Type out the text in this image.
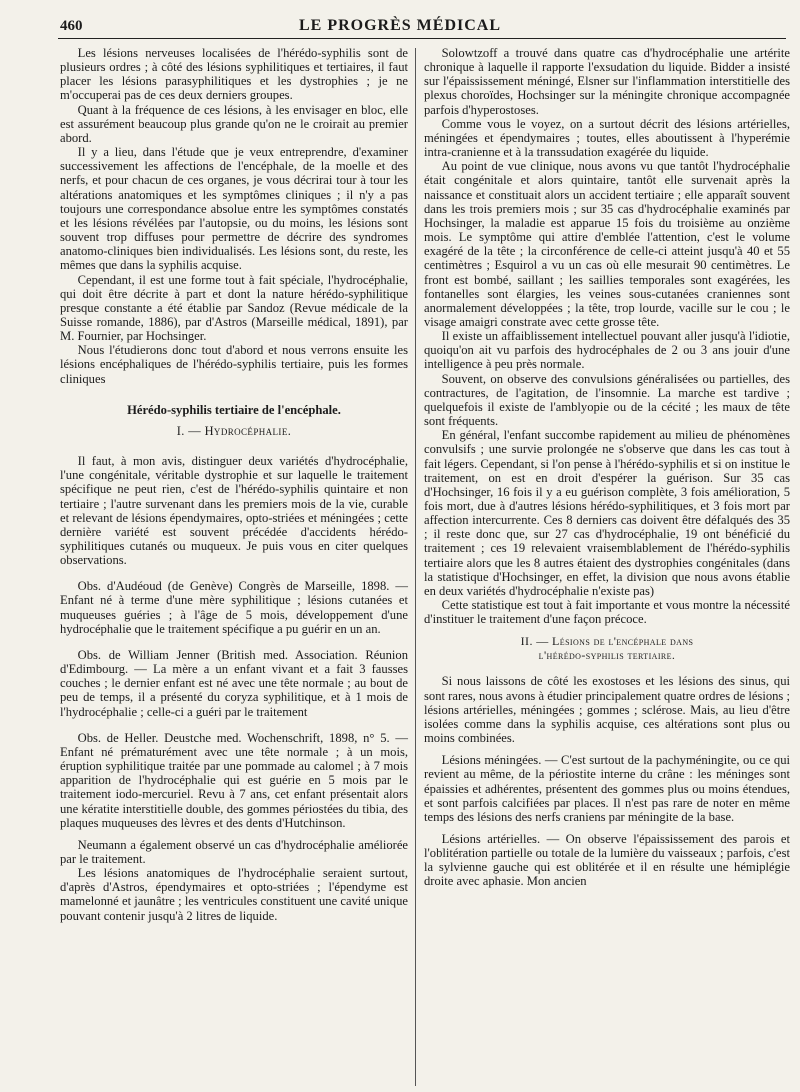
460	LE PROGRÈS MÉDICAL

Les lésions nerveuses localisées de l'hérédo-syphilis sont de plusieurs ordres ; à côté des lésions syphilitiques et tertiaires, il faut placer les lésions parasyphilitiques et les dystrophies ; je ne m'occuperai pas de ces deux derniers groupes.

Quant à la fréquence de ces lésions, à les envisager en bloc, elle est assurément beaucoup plus grande qu'on ne le croirait au premier abord.

Il y a lieu, dans l'étude que je veux entreprendre, d'examiner successivement les affections de l'encéphale, de la moelle et des nerfs, et pour chacun de ces organes, je vous décrirai tour à tour les altérations anatomiques et les symptômes cliniques ; il n'y a pas toujours une correspondance absolue entre les symptômes constatés et les lésions révélées par l'autopsie, ou du moins, les lésions sont souvent trop diffuses pour permettre de décrire des syndromes anatomo-cliniques bien individualisés. Les lésions sont, du reste, les mêmes que dans la syphilis acquise.

Cependant, il est une forme tout à fait spéciale, l'hydrocéphalie, qui doit être décrite à part et dont la nature hérédo-syphilitique presque constante a été établie par Sandoz (Revue médicale de la Suisse romande, 1886), par d'Astros (Marseille médical, 1891), par M. Fournier, par Hochsinger.

Nous l'étudierons donc tout d'abord et nous verrons ensuite les lésions encéphaliques de l'hérédo-syphilis tertiaire, puis les formes cliniques

Hérédo-syphilis tertiaire de l'encéphale.
I. — Hydrocéphalie.

Il faut, à mon avis, distinguer deux variétés d'hydrocéphalie, l'une congénitale, véritable dystrophie et sur laquelle le traitement spécifique ne peut rien, c'est de l'hérédo-syphilis quintaire et non tertiaire ; l'autre survenant dans les premiers mois de la vie, curable et relevant de lésions épendymaires, opto-striées et méningées ; cette dernière variété est souvent précédée d'accidents hérédo-syphilitiques cutanés ou muqueux. Je puis vous en citer quelques observations.

Obs. d'Audéoud (de Genève) Congrès de Marseille, 1898. — Enfant né à terme d'une mère syphilitique ; lésions cutanées et muqueuses guéries ; à l'âge de 5 mois, développement d'une hydrocéphalie que le traitement spécifique a pu guérir en un an.

Obs. de William Jenner (British med. Association. Réunion d'Edimbourg. — La mère a un enfant vivant et a fait 3 fausses couches ; le dernier enfant est né avec une tête normale ; au bout de peu de temps, il a présenté du coryza syphilitique, et à 1 mois de l'hydrocéphalie ; celle-ci a guéri par le traitement

Obs. de Heller. Deustche med. Wochenschrift, 1898, n° 5. — Enfant né prématurément avec une tête normale ; à un mois, éruption syphilitique traitée par une pommade au calomel ; à 7 mois apparition de l'hydrocéphalie qui est guérie en 5 mois par le traitement iodo-mercuriel. Revu à 7 ans, cet enfant présentait alors une kératite interstitielle double, des gommes périostées du tibia, des plaques muqueuses des lèvres et des dents d'Hutchinson.

Neumann a également observé un cas d'hydrocéphalie améliorée par le traitement.

Les lésions anatomiques de l'hydrocéphalie seraient surtout, d'après d'Astros, épendymaires et opto-striées ; l'épendyme est mamelonné et jaunâtre ; les ventricules constituent une cavité unique pouvant contenir jusqu'à 2 litres de liquide.

Solowtzoff a trouvé dans quatre cas d'hydrocéphalie une artérite chronique à laquelle il rapporte l'exsudation du liquide. Bidder a insisté sur l'épaississement méningé, Elsner sur l'inflammation interstitielle des plexus choroïdes, Hochsinger sur la méningite chronique accompagnée parfois d'hyperostoses.

Comme vous le voyez, on a surtout décrit des lésions artérielles, méningées et épendymaires ; toutes, elles aboutissent à l'hyperémie intra-cranienne et à la transsudation exagérée du liquide.

Au point de vue clinique, nous avons vu que tantôt l'hydrocéphalie était congénitale et alors quintaire, tantôt elle survenait après la naissance et constituait alors un accident tertiaire ; elle apparaît souvent dans les trois premiers mois ; sur 35 cas d'hydrocéphalie examinés par Hochsinger, la maladie est apparue 15 fois du troisième au onzième mois. Le symptôme qui attire d'emblée l'attention, c'est le volume exagéré de la tête ; la circonférence de celle-ci atteint jusqu'à 40 et 55 centimètres ; Esquirol a vu un cas où elle mesurait 90 centimètres. Le front est bombé, saillant ; les saillies temporales sont exagérées, les fontanelles sont élargies, les veines sous-cutanées craniennes sont anormalement développées ; la tête, trop lourde, vacille sur le cou ; le visage amaigri constrate avec cette grosse tête.

Il existe un affaiblissement intellectuel pouvant aller jusqu'à l'idiotie, quoiqu'on ait vu parfois des hydrocéphales de 2 ou 3 ans jouir d'une intelligence à peu près normale.

Souvent, on observe des convulsions généralisées ou partielles, des contractures, de l'agitation, de l'insomnie. La marche est tardive ; quelquefois il existe de l'amblyopie ou de la cécité ; les maux de tête sont fréquents.

En général, l'enfant succombe rapidement au milieu de phénomènes convulsifs ; une survie prolongée ne s'observe que dans les cas tout à fait légers. Cependant, si l'on pense à l'hérédo-syphilis et si on institue le traitement, on est en droit d'espérer la guérison. Sur 35 cas d'Hochsinger, 16 fois il y a eu guérison complète, 3 fois amélioration, 5 fois mort, due à d'autres lésions hérédo-syphilitiques, et 3 fois mort par affection intercurrente. Ces 8 derniers cas doivent être défalqués des 35 ; il reste donc que, sur 27 cas d'hydrocéphalie, 19 ont bénéficié du traitement ; ces 19 relevaient vraisemblablement de l'hérédo-syphilis tertiaire alors que les 8 autres étaient des dystrophies congénitales (dans la statistique d'Hochsinger, en effet, la division que nous avons établie en deux variétés d'hydrocéphalie n'existe pas)

Cette statistique est tout à fait importante et vous montre la nécessité d'instituer le traitement d'une façon précoce.

II. — Lésions de l'encéphale dans
l'hérédo-syphilis tertiaire.

Si nous laissons de côté les exostoses et les lésions des sinus, qui sont rares, nous avons à étudier principalement quatre ordres de lésions ; lésions artérielles, méningées ; gommes ; sclérose. Mais, au lieu d'être isolées comme dans la syphilis acquise, ces altérations sont plus ou moins combinées.

Lésions méningées. — C'est surtout de la pachyméningite, ou ce qui revient au même, de la périostite interne du crâne : les méninges sont épaissies et adhérentes, présentent des gommes plus ou moins étendues, et sont parfois calcifiées par places. Il n'est pas rare de noter en même temps des lésions des nerfs craniens par méningite de la base.

Lésions artérielles. — On observe l'épaississement des parois et l'oblitération partielle ou totale de la lumière du vaisseaux ; parfois, c'est la sylvienne gauche qui est oblitérée et il en résulte une hémiplégie droite avec aphasie. Mon ancien
